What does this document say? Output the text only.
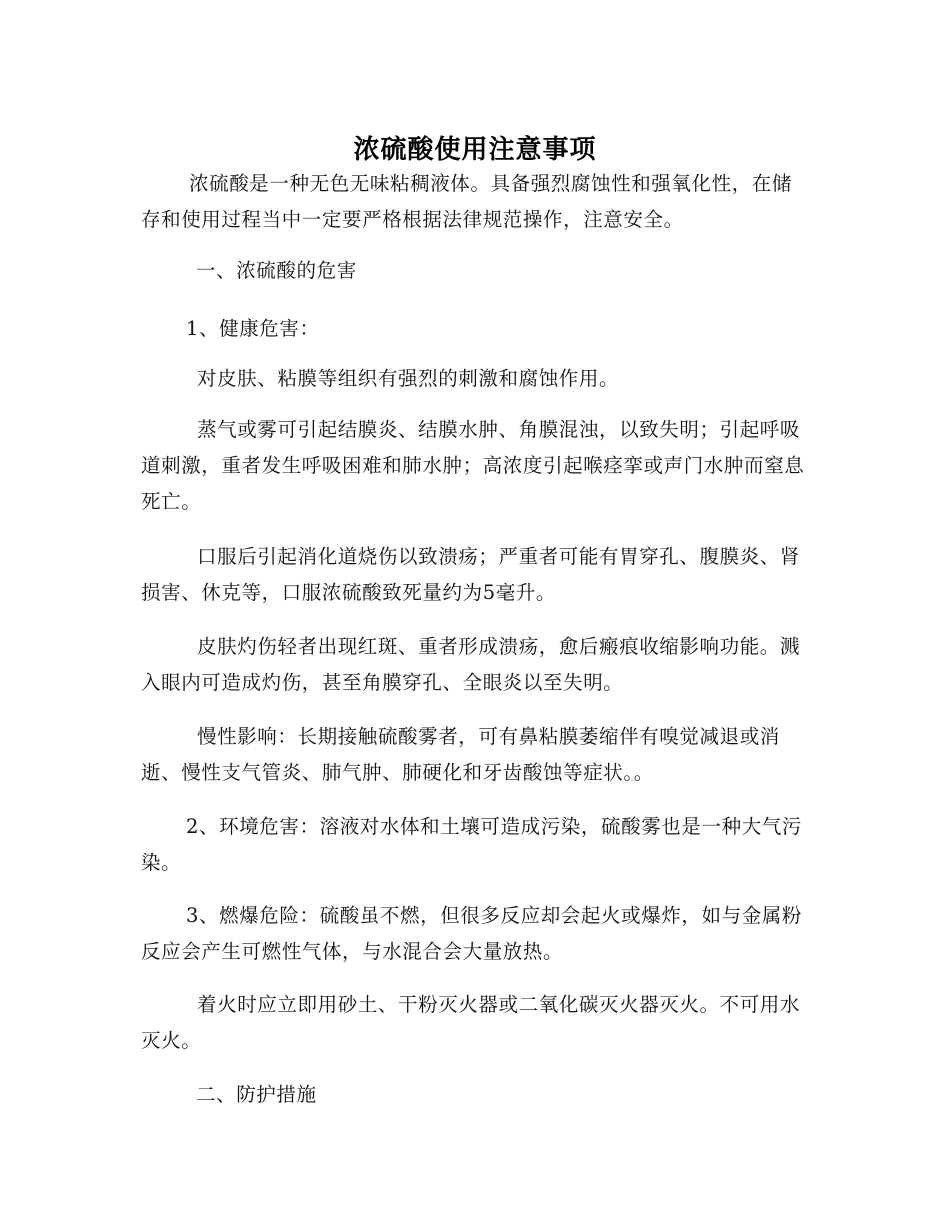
浓硫酸使用注意事项

浓硫酸是一种无色无味粘稠液体。具备强烈腐蚀性和强氧化性，在储存和使用过程当中一定要严格根据法律规范操作，注意安全。

一、浓硫酸的危害

1、健康危害：

对皮肤、粘膜等组织有强烈的刺激和腐蚀作用。

蒸气或雾可引起结膜炎、结膜水肿、角膜混浊，以致失明；引起呼吸道刺激，重者发生呼吸困难和肺水肿；高浓度引起喉痉挛或声门水肿而窒息死亡。

口服后引起消化道烧伤以致溃疡；严重者可能有胃穿孔、腹膜炎、肾损害、休克等，口服浓硫酸致死量约为5毫升。

皮肤灼伤轻者出现红斑、重者形成溃疡，愈后瘢痕收缩影响功能。溅入眼内可造成灼伤，甚至角膜穿孔、全眼炎以至失明。

慢性影响：长期接触硫酸雾者，可有鼻粘膜萎缩伴有嗅觉减退或消逝、慢性支气管炎、肺气肿、肺硬化和牙齿酸蚀等症状。。

2、环境危害：溶液对水体和土壤可造成污染，硫酸雾也是一种大气污染。

3、燃爆危险：硫酸虽不燃，但很多反应却会起火或爆炸，如与金属粉反应会产生可燃性气体，与水混合会大量放热。

着火时应立即用砂土、干粉灭火器或二氧化碳灭火器灭火。不可用水灭火。

二、防护措施
